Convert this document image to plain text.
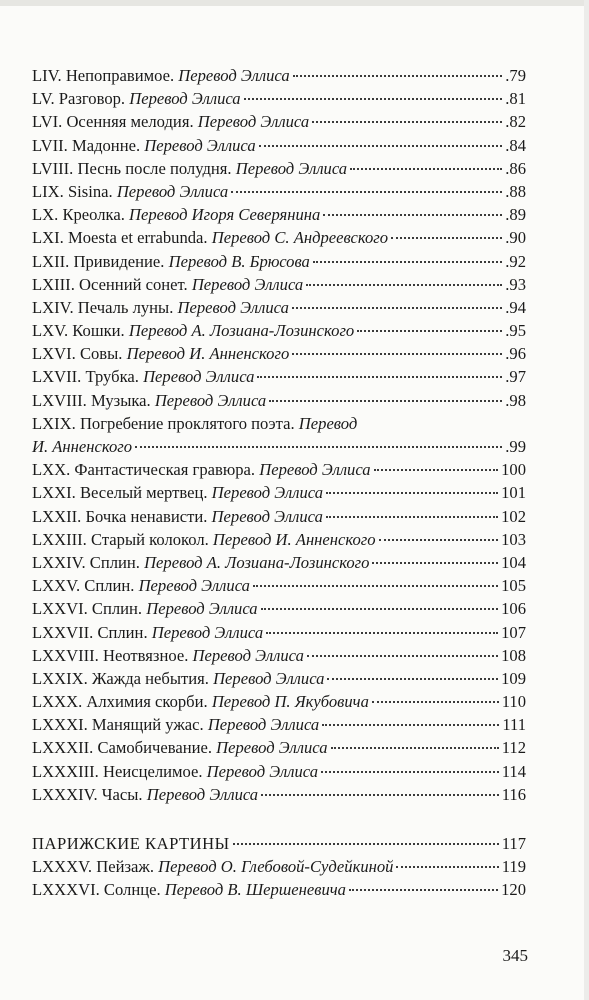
LIV. Непоправимое. Перевод Эллиса	.79
LV. Разговор. Перевод Эллиса	.81
LVI. Осенняя мелодия. Перевод Эллиса	.82
LVII. Мадонне. Перевод Эллиса	.84
LVIII. Песнь после полудня. Перевод Эллиса	.86
LIX. Sisina. Перевод Эллиса	.88
LX. Креолка. Перевод Игоря Северянина	.89
LXI. Moesta et errabunda. Перевод С. Андреевского	.90
LXII. Привидение. Перевод В. Брюсова	.92
LXIII. Осенний сонет. Перевод Эллиса	.93
LXIV. Печаль луны. Перевод Эллиса	.94
LXV. Кошки. Перевод А. Лозиана-Лозинского	.95
LXVI. Совы. Перевод И. Анненского	.96
LXVII. Трубка. Перевод Эллиса	.97
LXVIII. Музыка. Перевод Эллиса	.98
LXIX. Погребение проклятого поэта. Перевод
И. Анненского	.99
LXX. Фантастическая гравюра. Перевод Эллиса	100
LXXI. Веселый мертвец. Перевод Эллиса	101
LXXII. Бочка ненависти. Перевод Эллиса	102
LXXIII. Старый колокол. Перевод И. Анненского	103
LXXIV. Сплин. Перевод А. Лозиана-Лозинского	104
LXXV. Сплин. Перевод Эллиса	105
LXXVI. Сплин. Перевод Эллиса	106
LXXVII. Сплин. Перевод Эллиса	107
LXXVIII. Неотвязное. Перевод Эллиса	108
LXXIX. Жажда небытия. Перевод Эллиса	109
LXXX. Алхимия скорби. Перевод П. Якубовича	110
LXXXI. Манящий ужас. Перевод Эллиса	111
LXXXII. Самобичевание. Перевод Эллиса	112
LXXXIII. Неисцелимое. Перевод Эллиса	114
LXXXIV. Часы. Перевод Эллиса	116
ПАРИЖСКИЕ КАРТИНЫ	117
LXXXV. Пейзаж. Перевод О. Глебовой-Судейкиной	119
LXXXVI. Солнце. Перевод В. Шершеневича	120
345
